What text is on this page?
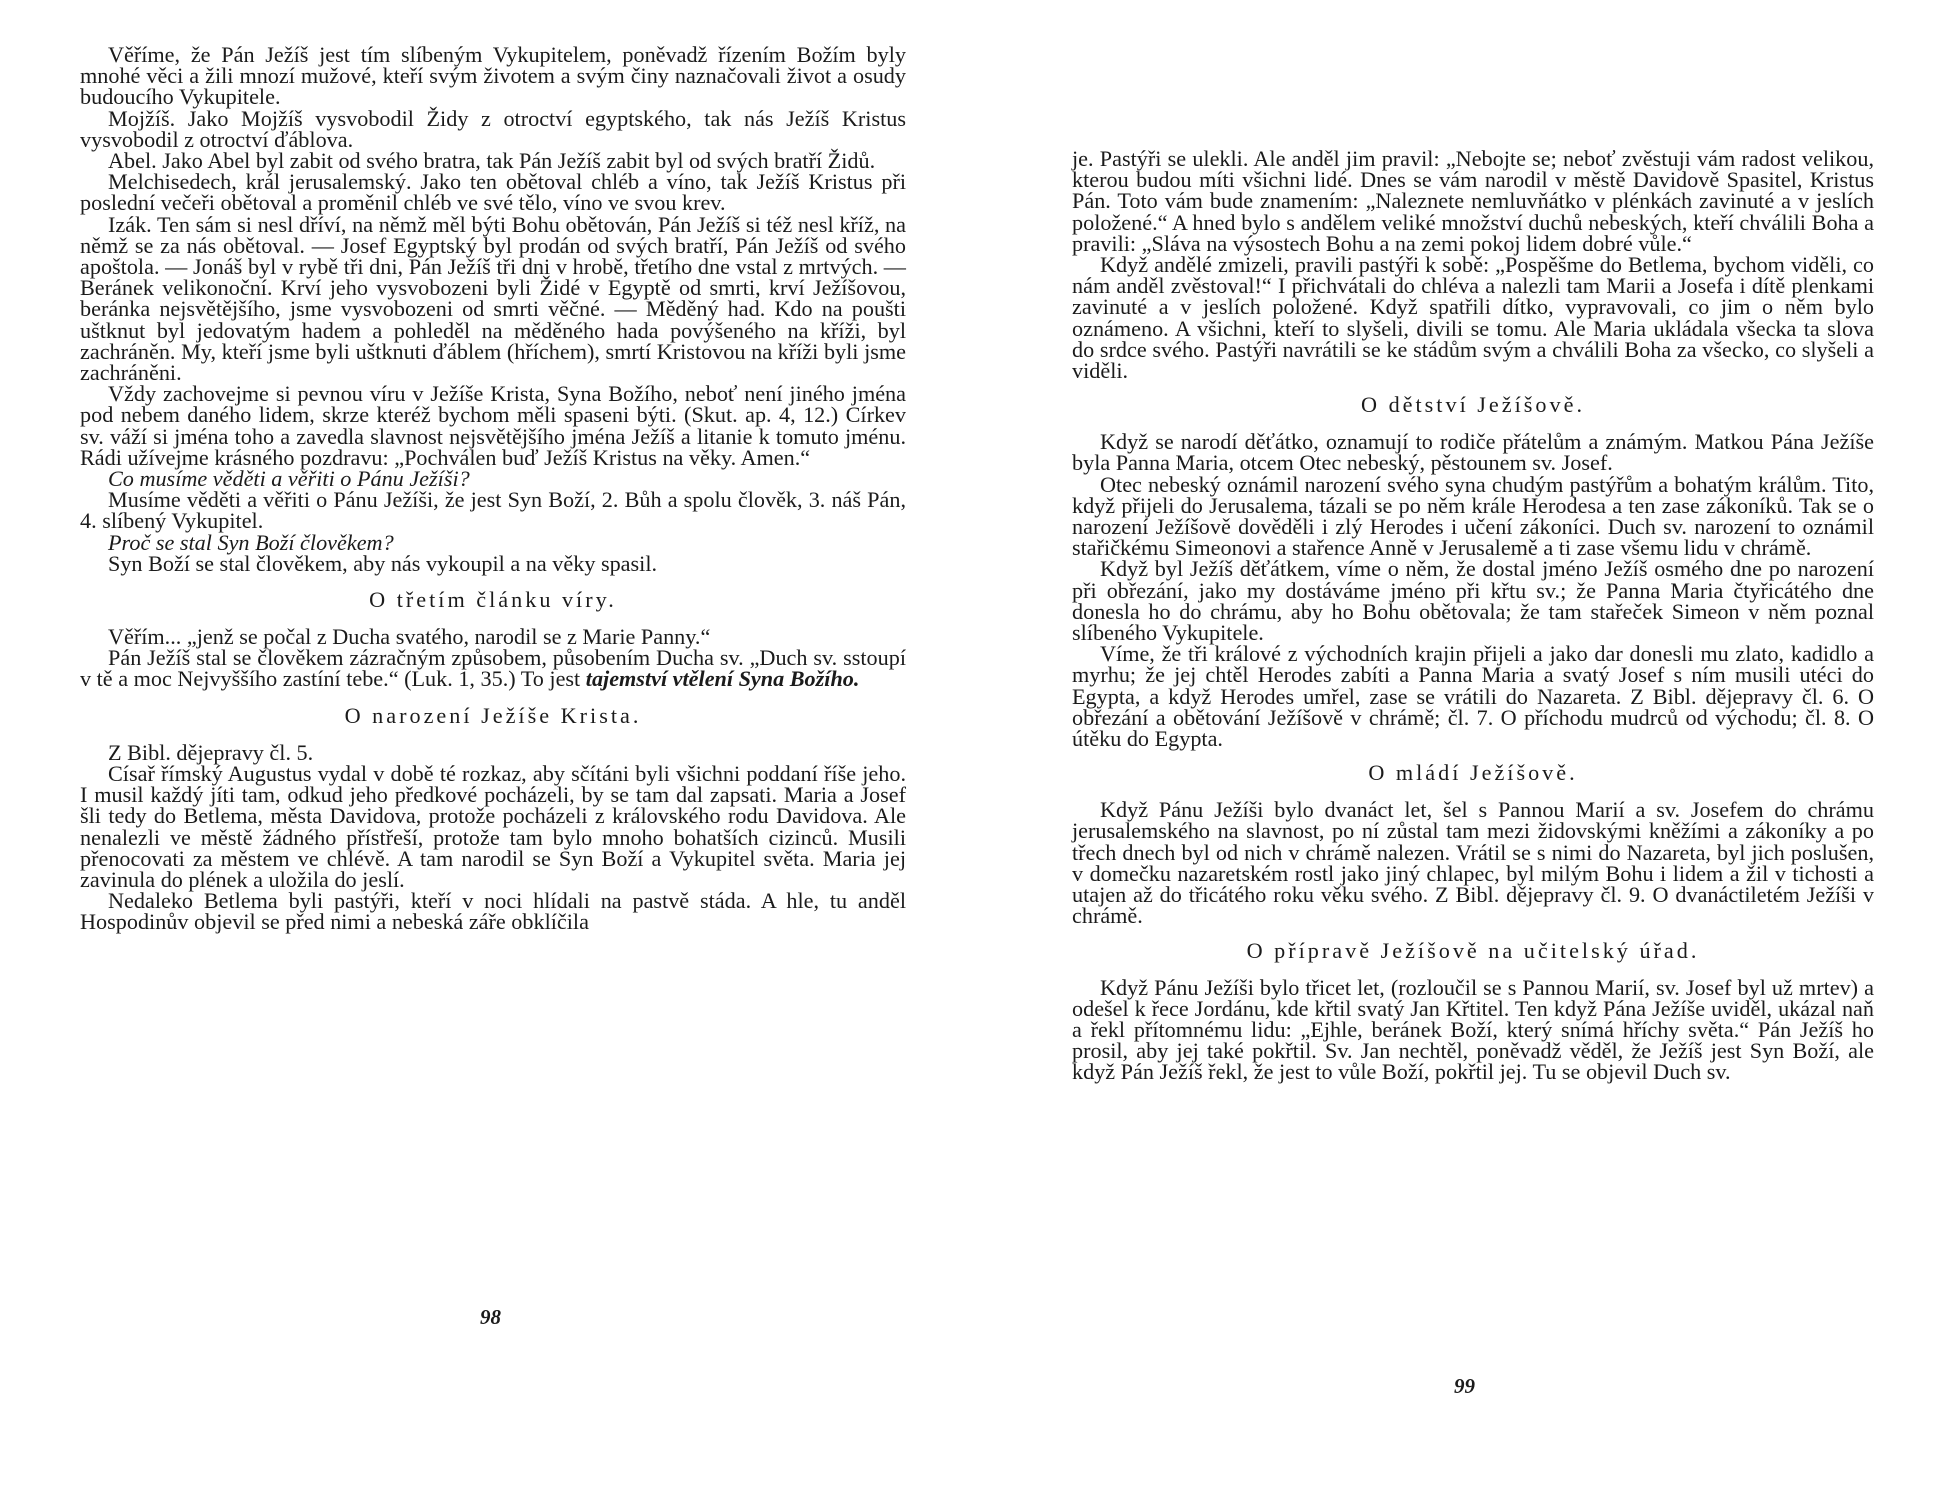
Věříme, že Pán Ježíš jest tím slíbeným Vykupitelem, poněvadž řízením Božím byly mnohé věci a žili mnozí mužové, kteří svým životem a svým činy naznačovali život a osudy budoucího Vykupitele.

Mojžíš. Jako Mojžíš vysvobodil Židy z otroctví egyptského, tak nás Ježíš Kristus vysvobodil z otroctví ďáblova.

Abel. Jako Abel byl zabit od svého bratra, tak Pán Ježíš zabit byl od svých bratří Židů.

Melchisedech, král jerusalemský. Jako ten obětoval chléb a víno, tak Ježíš Kristus při poslední večeři obětoval a proměnil chléb ve své tělo, víno ve svou krev.

Izák. Ten sám si nesl dříví, na němž měl býti Bohu obětován, Pán Ježíš si též nesl kříž, na němž se za nás obětoval. — Josef Egyptský byl prodán od svých bratří, Pán Ježíš od svého apoštola. — Jonáš byl v rybě tři dni, Pán Ježíš tři dni v hrobě, třetího dne vstal z mrtvých. — Beránek velikonoční. Krví jeho vysvobozeni byli Židé v Egyptě od smrti, krví Ježíšovou, beránka nejsvětějšího, jsme vysvobozeni od smrti věčné. — Měděný had. Kdo na poušti uštknut byl jedovatým hadem a pohleděl na měděného hada povýšeného na kříži, byl zachráněn. My, kteří jsme byli uštknuti ďáblem (hříchem), smrtí Kristovou na kříži byli jsme zachráněni.

Vždy zachovejme si pevnou víru v Ježíše Krista, Syna Božího, neboť není jiného jména pod nebem daného lidem, skrze kteréž bychom měli spaseni býti. (Skut. ap. 4, 12.) Církev sv. váží si jména toho a zavedla slavnost nejsvětějšího jména Ježíš a litanie k tomuto jménu. Rádi užívejme krásného pozdravu: „Pochválen buď Ježíš Kristus na věky. Amen.“

Co musíme věděti a věřiti o Pánu Ježíši?

Musíme věděti a věřiti o Pánu Ježíši, že jest Syn Boží, 2. Bůh a spolu člověk, 3. náš Pán, 4. slíbený Vykupitel.

Proč se stal Syn Boží člověkem?

Syn Boží se stal člověkem, aby nás vykoupil a na věky spasil.

O třetím článku víry.

Věřím... „jenž se počal z Ducha svatého, narodil se z Marie Panny.“

Pán Ježíš stal se člověkem zázračným způsobem, působením Ducha sv. „Duch sv. sstoupí v tě a moc Nejvyššího zastíní tebe.“ (Luk. 1, 35.) To jest tajemství vtělení Syna Božího.

O narození Ježíše Krista.

Z Bibl. dějepravy čl. 5.

Císař římský Augustus vydal v době té rozkaz, aby sčítáni byli všichni poddaní říše jeho. I musil každý jíti tam, odkud jeho předkové pocházeli, by se tam dal zapsati. Maria a Josef šli tedy do Betlema, města Davidova, protože pocházeli z královského rodu Davidova. Ale nenalezli ve městě žádného přístřeší, protože tam bylo mnoho bohatších cizinců. Musili přenocovati za městem ve chlévě. A tam narodil se Syn Boží a Vykupitel světa. Maria jej zavinula do plének a uložila do jeslí.

Nedaleko Betlema byli pastýři, kteří v noci hlídali na pastvě stáda. A hle, tu anděl Hospodinův objevil se před nimi a nebeská záře obklíčila

je. Pastýři se ulekli. Ale anděl jim pravil: „Nebojte se; neboť zvěstuji vám radost velikou, kterou budou míti všichni lidé. Dnes se vám narodil v městě Davidově Spasitel, Kristus Pán. Toto vám bude znamením: „Naleznete nemluvňátko v plénkách zavinuté a v jeslích položené.“ A hned bylo s andělem veliké množství duchů nebeských, kteří chválili Boha a pravili: „Sláva na výsostech Bohu a na zemi pokoj lidem dobré vůle.“

Když andělé zmizeli, pravili pastýři k sobě: „Pospěšme do Betlema, bychom viděli, co nám anděl zvěstoval!“ I přichvátali do chléva a nalezli tam Marii a Josefa i dítě plenkami zavinuté a v jeslích položené. Když spatřili dítko, vypravovali, co jim o něm bylo oznámeno. A všichni, kteří to slyšeli, divili se tomu. Ale Maria ukládala všecka ta slova do srdce svého. Pastýři navrátili se ke stádům svým a chválili Boha za všecko, co slyšeli a viděli.

O dětství Ježíšově.

Když se narodí děťátko, oznamují to rodiče přátelům a známým. Matkou Pána Ježíše byla Panna Maria, otcem Otec nebeský, pěstounem sv. Josef.

Otec nebeský oznámil narození svého syna chudým pastýřům a bohatým králům. Tito, když přijeli do Jerusalema, tázali se po něm krále Herodesa a ten zase zákoníků. Tak se o narození Ježíšově dověděli i zlý Herodes i učení zákoníci. Duch sv. narození to oznámil stařičkému Simeonovi a stařence Anně v Jerusalemě a ti zase všemu lidu v chrámě.

Když byl Ježíš děťátkem, víme o něm, že dostal jméno Ježíš osmého dne po narození při obřezání, jako my dostáváme jméno při křtu sv.; že Panna Maria čtyřicátého dne donesla ho do chrámu, aby ho Bohu obětovala; že tam stařeček Simeon v něm poznal slíbeného Vykupitele.

Víme, že tři králové z východních krajin přijeli a jako dar donesli mu zlato, kadidlo a myrhu; že jej chtěl Herodes zabíti a Panna Maria a svatý Josef s ním musili utéci do Egypta, a když Herodes umřel, zase se vrátili do Nazareta. Z Bibl. dějepravy čl. 6. O obřezání a obětování Ježíšově v chrámě; čl. 7. O příchodu mudrců od východu; čl. 8. O útěku do Egypta.

O mládí Ježíšově.

Když Pánu Ježíši bylo dvanáct let, šel s Pannou Marií a sv. Josefem do chrámu jerusalemského na slavnost, po ní zůstal tam mezi židovskými kněžími a zákoníky a po třech dnech byl od nich v chrámě nalezen. Vrátil se s nimi do Nazareta, byl jich poslušen, v domečku nazaretském rostl jako jiný chlapec, byl milým Bohu i lidem a žil v tichosti a utajen až do třicátého roku věku svého. Z Bibl. dějepravy čl. 9. O dvanáctiletém Ježíši v chrámě.

O přípravě Ježíšově na učitelský úřad.

Když Pánu Ježíši bylo třicet let, (rozloučil se s Pannou Marií, sv. Josef byl už mrtev) a odešel k řece Jordánu, kde křtil svatý Jan Křtitel. Ten když Pána Ježíše uviděl, ukázal naň a řekl přítomnému lidu: „Ejhle, beránek Boží, který snímá hříchy světa.“ Pán Ježíš ho prosil, aby jej také pokřtil. Sv. Jan nechtěl, poněvadž věděl, že Ježíš jest Syn Boží, ale když Pán Ježíš řekl, že jest to vůle Boží, pokřtil jej. Tu se objevil Duch sv.

98
99
